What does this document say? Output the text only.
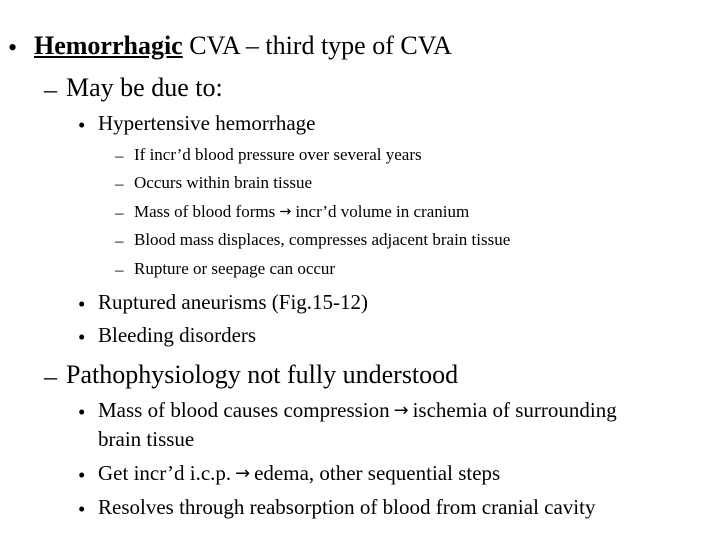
• Hemorrhagic CVA – third type of CVA
– May be due to:
• Hypertensive hemorrhage
– If incr’d blood pressure over several years
– Occurs within brain tissue
– Mass of blood forms → incr’d volume in cranium
– Blood mass displaces, compresses adjacent brain tissue
– Rupture or seepage can occur
• Ruptured aneurisms (Fig.15-12)
• Bleeding disorders
– Pathophysiology not fully understood
• Mass of blood causes compression → ischemia of surrounding
brain tissue
• Get incr’d i.c.p. → edema, other sequential steps
• Resolves through reabsorption of blood from cranial cavity
